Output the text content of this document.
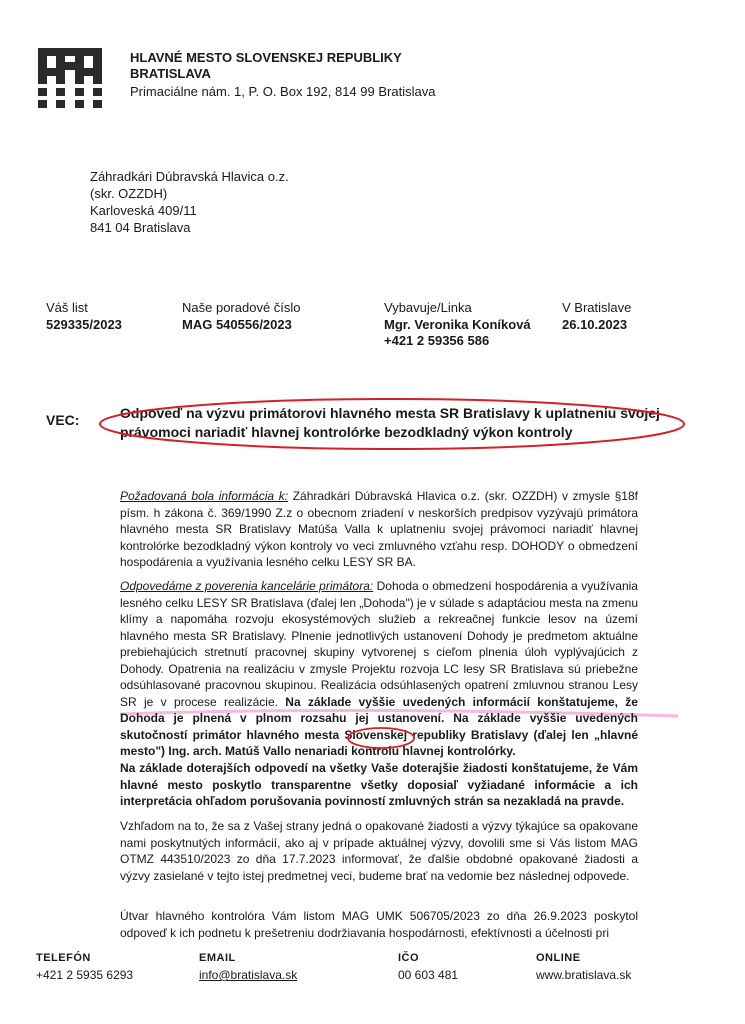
HLAVNÉ MESTO SLOVENSKEJ REPUBLIKY
BRATISLAVA
Primaciálne nám. 1, P. O. Box 192, 814 99 Bratislava
Záhradkári Dúbravská Hlavica o.z.
(skr. OZZDH)
Karloveská 409/11
841 04 Bratislava
Váš list
529335/2023
Naše poradové číslo
MAG 540556/2023
Vybavuje/Linka
Mgr. Veronika Koníková
+421 2 59356 586
V Bratislave
26.10.2023
VEC:	Odpoveď na výzvu primátorovi hlavného mesta SR Bratislavy k uplatneniu svojej právomoci nariadiť hlavnej kontrolórke bezodkladný výkon kontroly
Požadovaná bola informácia k: Záhradkári Dúbravská Hlavica o.z. (skr. OZZDH) v zmysle §18f písm. h zákona č. 369/1990 Z.z o obecnom zriadení v neskorších predpisov vyzývajú primátora hlavného mesta SR Bratislavy Matúša Valla k uplatneniu svojej právomoci nariadiť hlavnej kontrolórke bezodkladný výkon kontroly vo veci zmluvného vzťahu resp. DOHODY o obmedzení hospodárenia a využívania lesného celku LESY SR BA.
Odpovedáme z poverenia kancelárie primátora: Dohoda o obmedzení hospodárenia a využívania lesného celku LESY SR Bratislava (ďalej len „Dohoda") je v súlade s adaptáciou mesta na zmenu klímy a napomáha rozvoju ekosystémových služieb a rekreačnej funkcie lesov na území hlavného mesta SR Bratislavy. Plnenie jednotlivých ustanovení Dohody je predmetom aktuálne prebiehajúcich stretnutí pracovnej skupiny vytvorenej s cieľom plnenia úloh vyplývajúcich z Dohody. Opatrenia na realizáciu v zmysle Projektu rozvoja LC lesy SR Bratislava sú priebežne odsúhlasované pracovnou skupinou. Realizácia odsúhlasených opatrení zmluvnou stranou Lesy SR je v procese realizácie. Na základe vyššie uvedených informácií konštatujeme, že Dohoda je plnená v plnom rozsahu jej ustanovení. Na základe vyššie uvedených skutočností primátor hlavného mesta Slovenskej republiky Bratislavy (ďalej len „hlavné mesto") Ing. arch. Matúš Vallo nenariadi kontrolu hlavnej kontrolórky.
Na základe doterajších odpovedí na všetky Vaše doterajšie žiadosti konštatujeme, že Vám hlavné mesto poskytlo transparentne všetky doposiaľ vyžiadané informácie a ich interpretácia ohľadom porušovania povinností zmluvných strán sa nezakladá na pravde.
Vzhľadom na to, že sa z Vašej strany jedná o opakované žiadosti a výzvy týkajúce sa opakovane nami poskytnutých informácií, ako aj v prípade aktuálnej výzvy, dovolili sme si Vás listom MAG OTMZ 443510/2023 zo dňa 17.7.2023 informovať, že ďalšie obdobné opakované žiadosti a výzvy zasielané v tejto istej predmetnej veci, budeme brať na vedomie bez následnej odpovede.
Útvar hlavného kontrolóra Vám listom MAG UMK 506705/2023 zo dňa 26.9.2023 poskytol odpoveď k ich podnetu k prešetreniu dodržiavania hospodárnosti, efektívnosti a účelnosti pri
TELEFÓN
+421 2 5935 6293
EMAIL
info@bratislava.sk
IČO
00 603 481
ONLINE
www.bratislava.sk
